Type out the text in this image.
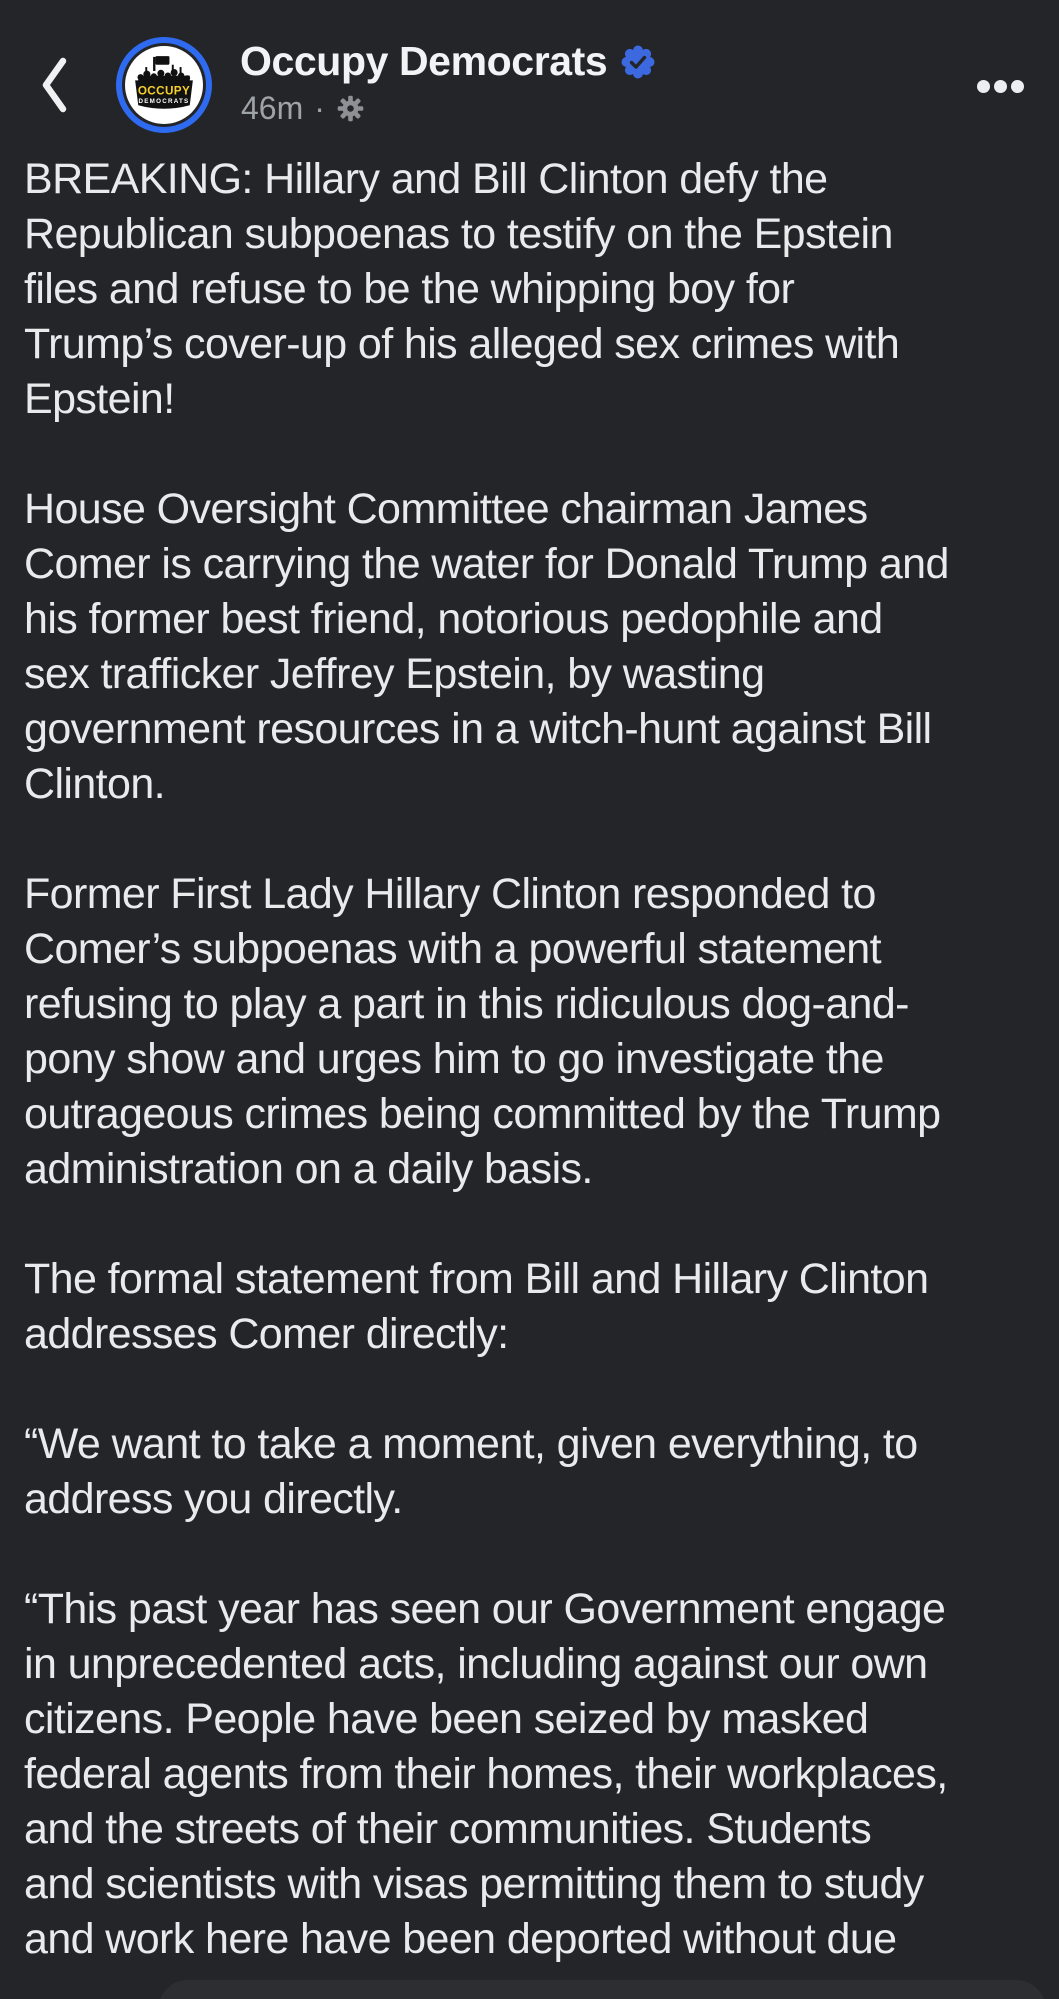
OCCUPY
DEMOCRATS
Occupy Democrats
46m ·
BREAKING: Hillary and Bill Clinton defy the
Republican subpoenas to testify on the Epstein
files and refuse to be the whipping boy for
Trump’s cover-up of his alleged sex crimes with
Epstein!
House Oversight Committee chairman James
Comer is carrying the water for Donald Trump and
his former best friend, notorious pedophile and
sex trafficker Jeffrey Epstein, by wasting
government resources in a witch-hunt against Bill
Clinton.
Former First Lady Hillary Clinton responded to
Comer’s subpoenas with a powerful statement
refusing to play a part in this ridiculous dog-and-
pony show and urges him to go investigate the
outrageous crimes being committed by the Trump
administration on a daily basis.
The formal statement from Bill and Hillary Clinton
addresses Comer directly:
“We want to take a moment, given everything, to
address you directly.
“This past year has seen our Government engage
in unprecedented acts, including against our own
citizens. People have been seized by masked
federal agents from their homes, their workplaces,
and the streets of their communities. Students
and scientists with visas permitting them to study
and work here have been deported without due
